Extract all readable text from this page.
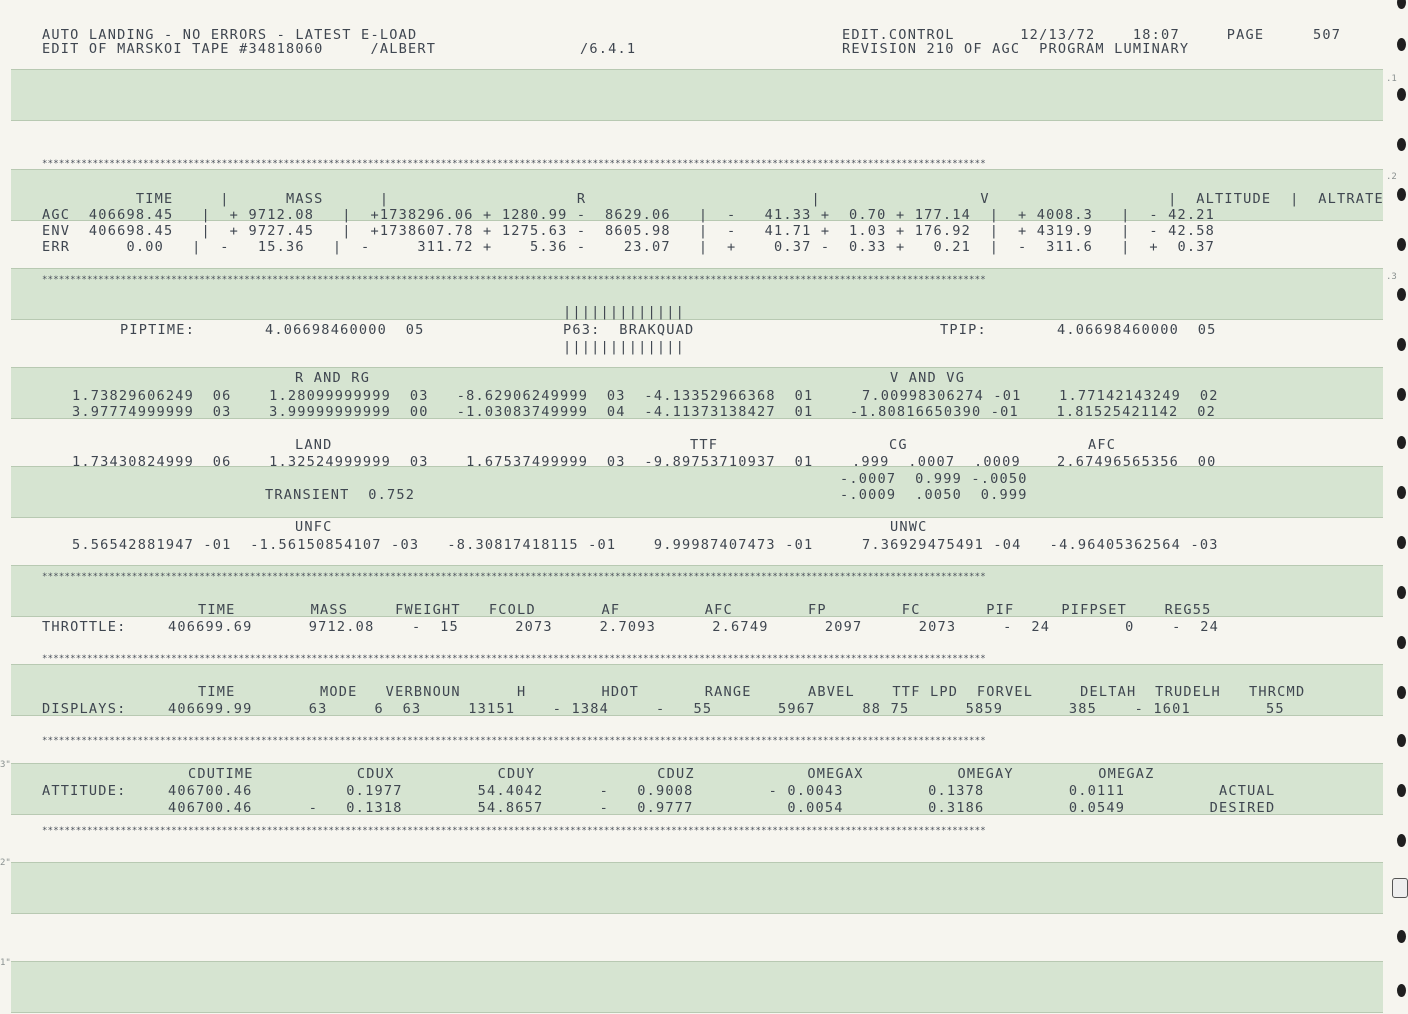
.1
.2
.3
3"
2"
1"
AUTO LANDING - NO ERRORS - LATEST E-LOAD
EDIT OF MARSKOI TAPE #34818060     /ALBERT	/6.4.1
EDIT.CONTROL       12/13/72    18:07     PAGE	507
REVISION 210 OF AGC  PROGRAM LUMINARY
************************************************************************************************************************************************************************
************************************************************************************************************************************************************************
************************************************************************************************************************************************************************
************************************************************************************************************************************************************************
************************************************************************************************************************************************************************
************************************************************************************************************************************************************************
TIME     |      MASS      |                    R                        |                 V                   |  ALTITUDE  |  ALTRATE
AGC  406698.45   |  + 9712.08   |  +1738296.06 + 1280.99 -  8629.06   |  -   41.33 +  0.70 + 177.14  |  + 4008.3   |  - 42.21
ENV  406698.45   |  + 9727.45   |  +1738607.78 + 1275.63 -  8605.98   |  -   41.71 +  1.03 + 176.92  |  + 4319.9   |  - 42.58
ERR      0.00   |  -   15.36   |  -     311.72 +    5.36 -    23.07   |  +    0.37 -  0.33 +   0.21  |  -  311.6   |  +  0.37
|||||||||||||
PIPTIME:	4.06698460000  05	P63:  BRAKQUAD	TPIP:	4.06698460000  05
|||||||||||||
R AND RG	V AND VG
1.73829606249  06    1.28099999999  03   -8.62906249999  03  -4.13352966368  01	7.00998306274 -01    1.77142143249  02
3.97774999999  03    3.99999999999  00   -1.03083749999  04  -4.11373138427  01	-1.80816650390 -01    1.81525421142  02
LAND	TTF	CG	AFC
1.73430824999  06    1.32524999999  03    1.67537499999  03  -9.89753710937  01	.999  .0007  .0009	2.67496565356  00
-.0007  0.999 -.0050
TRANSIENT  0.752	-.0009  .0050  0.999
UNFC	UNWC
5.56542881947 -01  -1.56150854107 -03   -8.30817418115 -01    9.99987407473 -01	7.36929475491 -04   -4.96405362564 -03
TIME        MASS     FWEIGHT   FCOLD       AF         AFC        FP        FC       PIF     PIFPSET    REG55
THROTTLE:	406699.69      9712.08    -  15      2073     2.7093      2.6749      2097      2073     -  24        0    -  24
TIME         MODE   VERBNOUN      H        HDOT       RANGE      ABVEL    TTF LPD  FORVEL     DELTAH  TRUDELH   THRCMD
DISPLAYS:	406699.99      63     6  63     13151    - 1384     -   55       5967     88 75      5859       385    - 1601        55
CDUTIME           CDUX           CDUY             CDUZ            OMEGAX          OMEGAY         OMEGAZ
ATTITUDE:	406700.46          0.1977        54.4042      -   0.9008        - 0.0043         0.1378         0.0111          ACTUAL
406700.46      -   0.1318        54.8657      -   0.9777          0.0054         0.3186         0.0549         DESIRED
